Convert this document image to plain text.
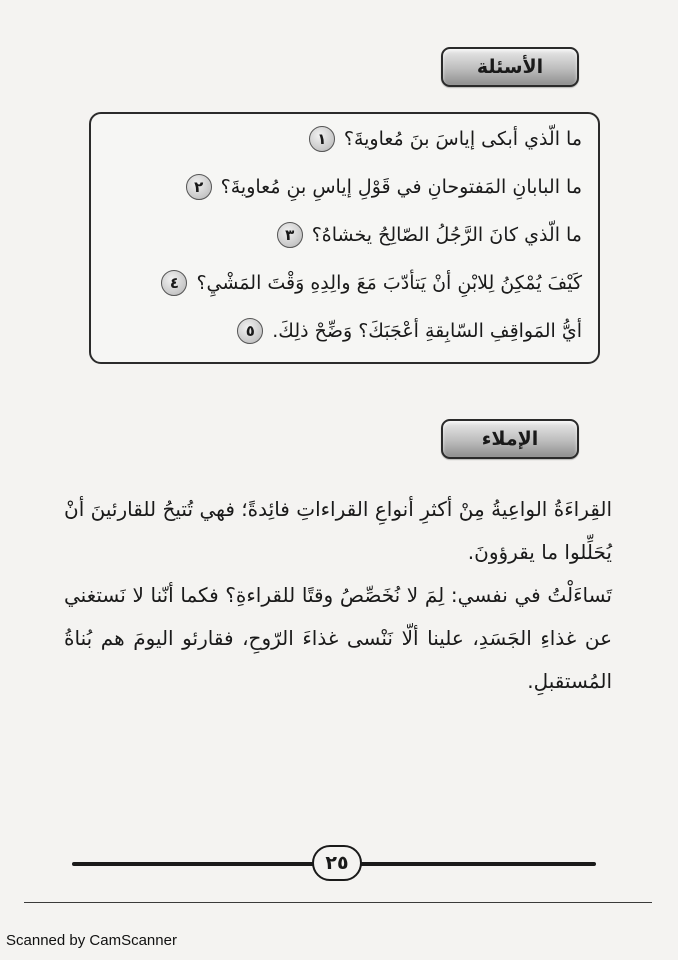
الأسئلة
١ ما الّذي أبكى إياسَ بنَ مُعاويةَ؟
٢ ما البابانِ المَفتوحانِ في قَوْلِ إياسِ بنِ مُعاويةَ؟
٣ ما الّذي كانَ الرَّجُلُ الصّالِحُ يخشاهُ؟
٤ كَيْفَ يُمْكِنُ لِلابْنِ أنْ يَتأدّبَ مَعَ والِدِهِ وَقْتَ المَشْيِ؟
٥ أيُّ المَواقِفِ السّابِقةِ أعْجَبَكَ؟ وَضِّحْ ذلِكَ.
الإملاء

القِراءَةُ الواعِيةُ مِنْ أكثرِ أنواعِ القراءاتِ فائِدةً؛ فهي تُتيحُ للقارئينَ أنْ يُحَلِّلوا ما يقرؤونَ.

تَساءَلْتُ في نفسي: لِمَ لا نُخَصِّصُ وقتًا للقراءةِ؟ فكما أنّنا لا نَستغني عن غذاءِ الجَسَدِ، علينا ألّا نَنْسى غذاءَ الرّوحِ، فقارئو اليومَ هم بُناةُ المُستقبلِ.

٢٥
Scanned by CamScanner
